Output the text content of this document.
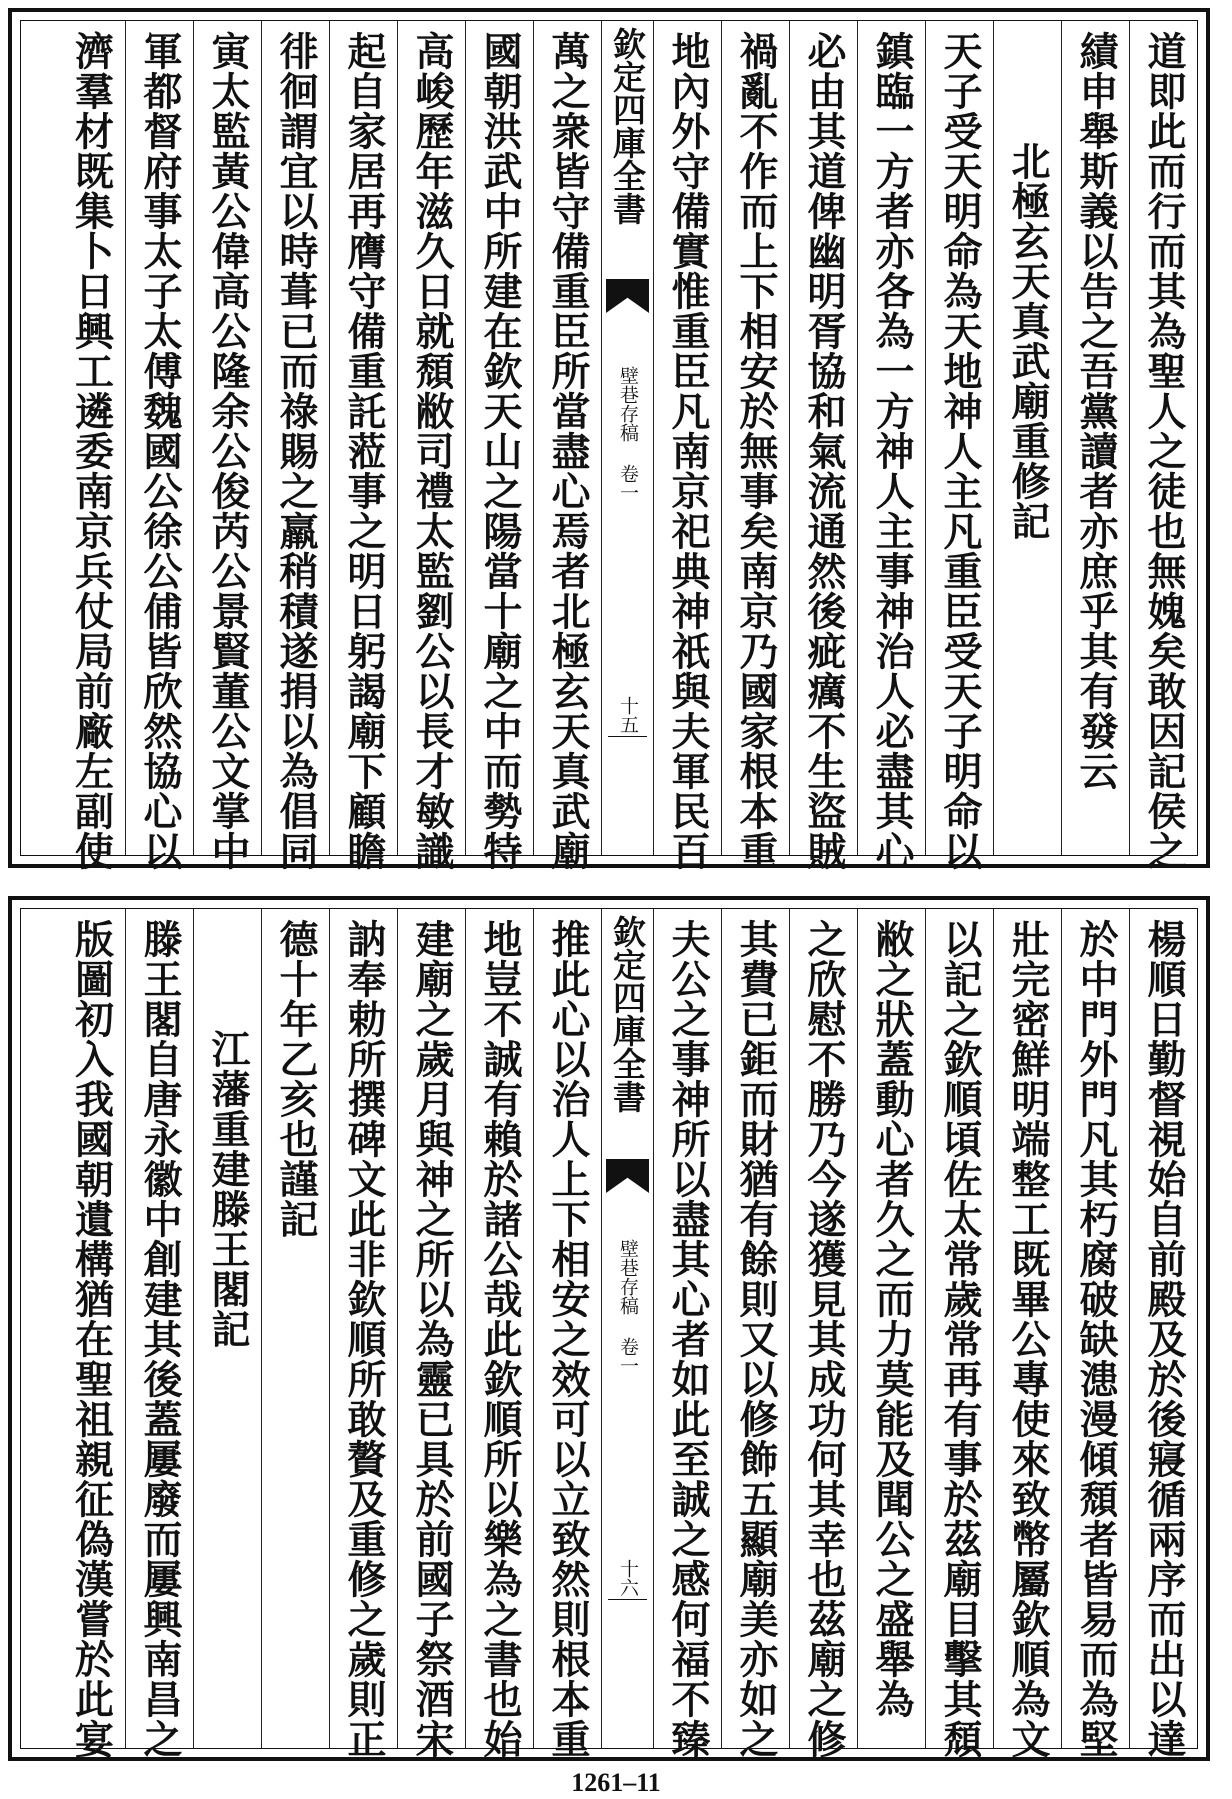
道即此而行而其為聖人之徒也無媿矣敢因記侯之
績申舉斯義以告之吾黨讀者亦庶乎其有發云
北極玄天真武廟重修記
天子受天明命為天地神人主凡重臣受天子明命以
鎮臨一方者亦各為一方神人主事神治人必盡其心
必由其道俾幽明胥協和氣流通然後疵癘不生盜賊
禍亂不作而上下相安於無事矣南京乃國家根本重
地內外守備實惟重臣凡南京祀典神祇與夫軍民百
欽定四庫全書
壁巷存稿 卷一
十五
萬之衆皆守備重臣所當盡心焉者北極玄天真武廟
國朝洪武中所建在欽天山之陽當十廟之中而勢特
高峻歷年滋久日就頹敝司禮太監劉公以長才敏識
起自家居再膺守備重託蒞事之明日躬謁廟下顧瞻
徘徊謂宜以時葺已而祿賜之羸稍積遂捐以為倡同
寅太監黃公偉高公隆余公俊芮公景賢董公文掌中
軍都督府事太子太傅魏國公徐公俌皆欣然協心以
濟羣材既集卜日興工遴委南京兵仗局前廠左副使
楊順日勤督視始自前殿及於後寢循兩序而出以達
於中門外門凡其朽腐破缺漶漫傾頹者皆易而為堅
壯完密鮮明端整工既畢公專使來致幣屬欽順為文
以記之欽順頃佐太常歲常再有事於茲廟目擊其頹
敝之狀蓋動心者久之而力莫能及聞公之盛舉為
之欣慰不勝乃今遂獲見其成功何其幸也茲廟之修
其費已鉅而財猶有餘則又以修飾五顯廟美亦如之
夫公之事神所以盡其心者如此至誠之感何福不臻
欽定四庫全書
壁巷存稿 卷一
十六
推此心以治人上下相安之效可以立致然則根本重
地豈不誠有賴於諸公哉此欽順所以樂為之書也始
建廟之歲月與神之所以為靈已具於前國子祭酒宋
訥奉勅所撰碑文此非欽順所敢贅及重修之歲則正
德十年乙亥也謹記
江藩重建滕王閣記
滕王閣自唐永徽中創建其後蓋屢廢而屢興南昌之
版圖初入我國朝遺構猶在聖祖親征偽漢嘗於此宴
1261–11
